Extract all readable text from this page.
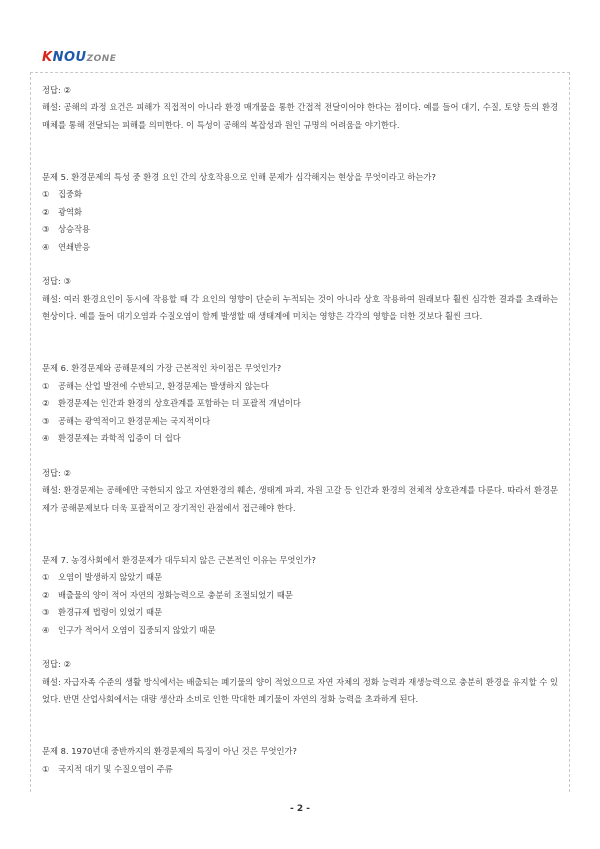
KNOUZONE

정답: ②

해설: 공해의 과정 요건은 피해가 직접적이 아니라 환경 매개물을 통한 간접적 전달이어야 한다는 점이다. 예를 들어 대기, 수질, 토양 등의 환경 매체를 통해 전달되는 피해를 의미한다. 이 특성이 공해의 복잡성과 원인 규명의 어려움을 야기한다.

문제 5. 환경문제의 특성 중 환경 요인 간의 상호작용으로 인해 문제가 심각해지는 현상을 무엇이라고 하는가?

① 집중화
② 광역화
③ 상승작용
④ 연쇄반응

정답: ③

해설: 여러 환경요인이 동시에 작용할 때 각 요인의 영향이 단순히 누적되는 것이 아니라 상호 작용하여 원래보다 훨씬 심각한 결과를 초래하는 현상이다. 예를 들어 대기오염과 수질오염이 함께 발생할 때 생태계에 미치는 영향은 각각의 영향을 더한 것보다 훨씬 크다.

문제 6. 환경문제와 공해문제의 가장 근본적인 차이점은 무엇인가?

① 공해는 산업 발전에 수반되고, 환경문제는 발생하지 않는다
② 환경문제는 인간과 환경의 상호관계를 포함하는 더 포괄적 개념이다
③ 공해는 광역적이고 환경문제는 국지적이다
④ 환경문제는 과학적 입증이 더 쉽다

정답: ②

해설: 환경문제는 공해에만 국한되지 않고 자연환경의 훼손, 생태계 파괴, 자원 고갈 등 인간과 환경의 전체적 상호관계를 다룬다. 따라서 환경문제가 공해문제보다 더욱 포괄적이고 장기적인 관점에서 접근해야 한다.

문제 7. 농경사회에서 환경문제가 대두되지 않은 근본적인 이유는 무엇인가?

① 오염이 발생하지 않았기 때문
② 배출물의 양이 적어 자연의 정화능력으로 충분히 조절되었기 때문
③ 환경규제 법령이 있었기 때문
④ 인구가 적어서 오염이 집중되지 않았기 때문

정답: ②

해설: 자급자족 수준의 생활 방식에서는 배출되는 폐기물의 양이 적었으므로 자연 자체의 정화 능력과 재생능력으로 충분히 환경을 유지할 수 있었다. 반면 산업사회에서는 대량 생산과 소비로 인한 막대한 폐기물이 자연의 정화 능력을 초과하게 된다.

문제 8. 1970년대 중반까지의 환경문제의 특징이 아닌 것은 무엇인가?

① 국지적 대기 및 수질오염이 주류
- 2 -
